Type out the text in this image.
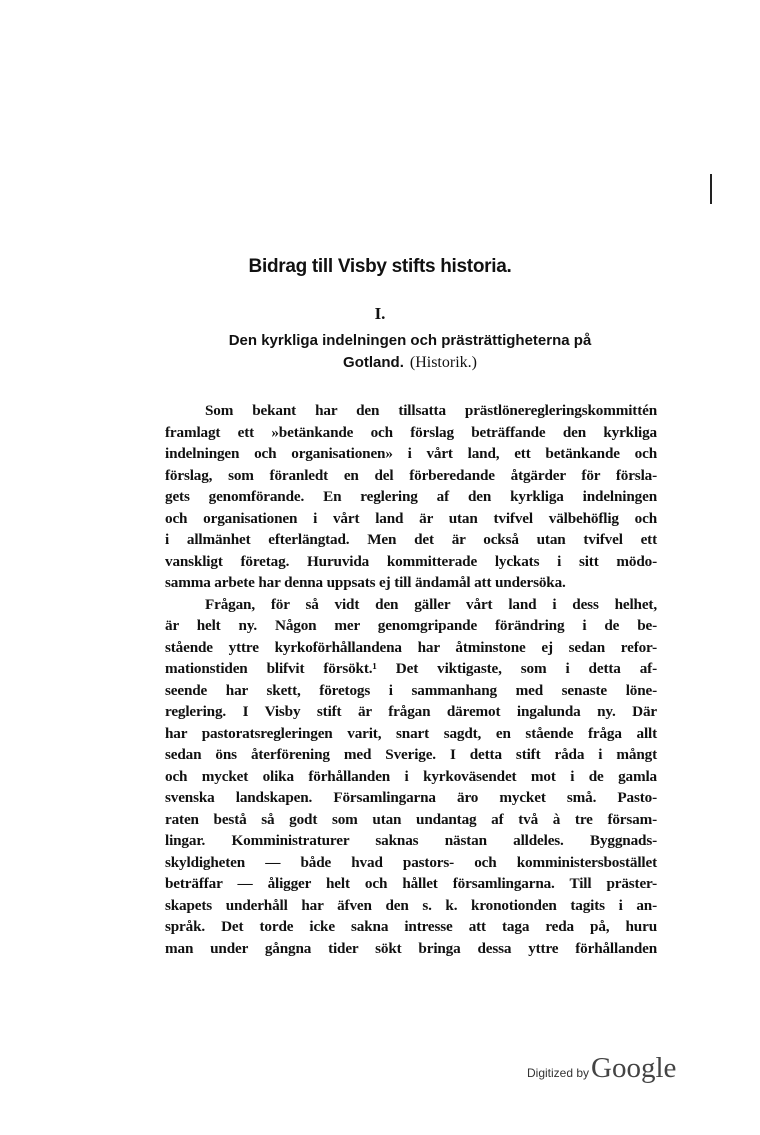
Bidrag till Visby stifts historia.
I.
Den kyrkliga indelningen och prästrättigheterna på
Gotland. (Historik.)
Som bekant har den tillsatta prästlöneregleringskommittén
framlagt ett »betänkande och förslag beträffande den kyrkliga
indelningen och organisationen» i vårt land, ett betänkande och
förslag, som föranledt en del förberedande åtgärder för försla-
gets genomförande. En reglering af den kyrkliga indelningen
och organisationen i vårt land är utan tvifvel välbehöflig och
i allmänhet efterlängtad. Men det är också utan tvifvel ett
vanskligt företag. Huruvida kommitterade lyckats i sitt mödo-
samma arbete har denna uppsats ej till ändamål att undersöka.
Frågan, för så vidt den gäller vårt land i dess helhet,
är helt ny. Någon mer genomgripande förändring i de be-
stående yttre kyrkoförhållandena har åtminstone ej sedan refor-
mationstiden blifvit försökt.¹ Det viktigaste, som i detta af-
seende har skett, företogs i sammanhang med senaste löne-
reglering. I Visby stift är frågan däremot ingalunda ny. Där
har pastoratsregleringen varit, snart sagdt, en stående fråga allt
sedan öns återförening med Sverige. I detta stift råda i mångt
och mycket olika förhållanden i kyrkoväsendet mot i de gamla
svenska landskapen. Församlingarna äro mycket små. Pasto-
raten bestå så godt som utan undantag af två à tre försam-
lingar. Komministraturer saknas nästan alldeles. Byggnads-
skyldigheten — både hvad pastors- och komministersbostället
beträffar — åligger helt och hållet församlingarna. Till präster-
skapets underhåll har äfven den s. k. kronotionden tagits i an-
språk. Det torde icke sakna intresse att taga reda på, huru
man under gångna tider sökt bringa dessa yttre förhållanden
Digitized by Google
